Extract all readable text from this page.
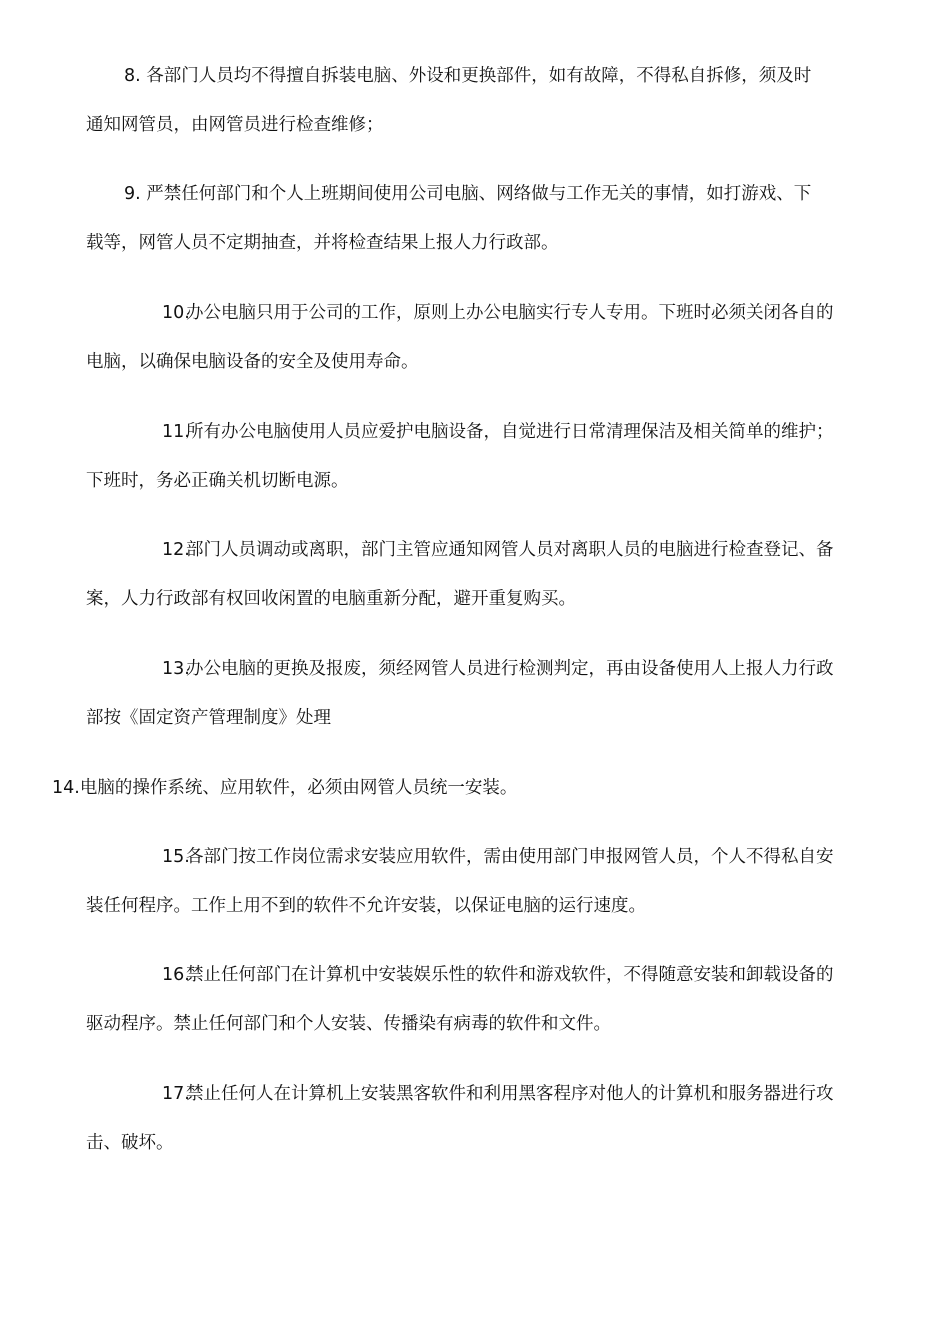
8. 各部门人员均不得擅自拆装电脑、外设和更换部件，如有故障，不得私自拆修，须及时
通知网管员，由网管员进行检查维修；
9. 严禁任何部门和个人上班期间使用公司电脑、网络做与工作无关的事情，如打游戏、下
载等，网管人员不定期抽查，并将检查结果上报人力行政部。
10.办公电脑只用于公司的工作，原则上办公电脑实行专人专用。下班时必须关闭各自的
电脑，以确保电脑设备的安全及使用寿命。
11.所有办公电脑使用人员应爱护电脑设备，自觉进行日常清理保洁及相关简单的维护；
下班时，务必正确关机切断电源。
12.部门人员调动或离职，部门主管应通知网管人员对离职人员的电脑进行检查登记、备
案，人力行政部有权回收闲置的电脑重新分配，避开重复购买。
13.办公电脑的更换及报废，须经网管人员进行检测判定，再由设备使用人上报人力行政
部按《固定资产管理制度》处理
14.电脑的操作系统、应用软件，必须由网管人员统一安装。
15.各部门按工作岗位需求安装应用软件，需由使用部门申报网管人员，个人不得私自安
装任何程序。工作上用不到的软件不允许安装，以保证电脑的运行速度。
16.禁止任何部门在计算机中安装娱乐性的软件和游戏软件，不得随意安装和卸载设备的
驱动程序。禁止任何部门和个人安装、传播染有病毒的软件和文件。
17.禁止任何人在计算机上安装黑客软件和利用黑客程序对他人的计算机和服务器进行攻
击、破坏。
